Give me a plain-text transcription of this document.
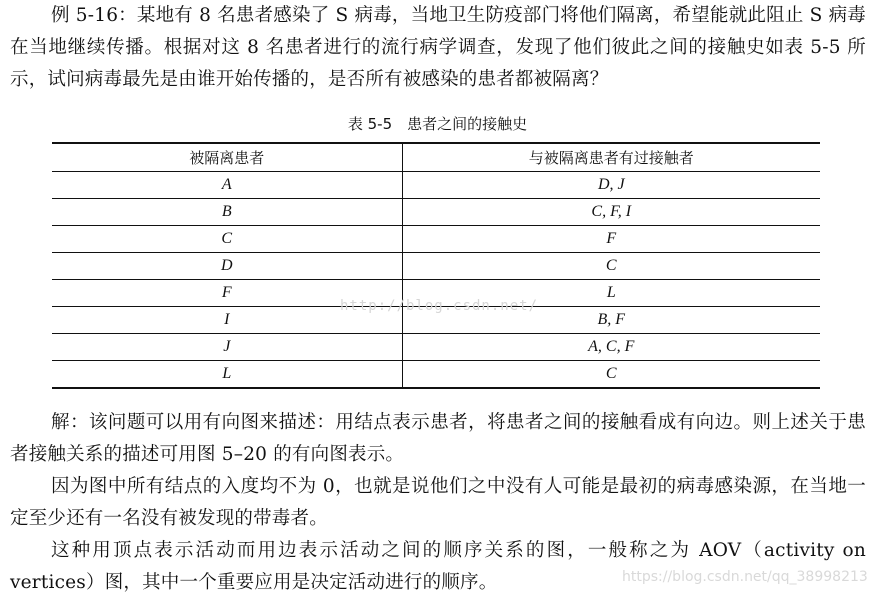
例 5-16：某地有 8 名患者感染了 S 病毒，当地卫生防疫部门将他们隔离，希望能就此阻止 S 病毒在当地继续传播。根据对这 8 名患者进行的流行病学调查，发现了他们彼此之间的接触史如表 5-5 所示，试问病毒最先是由谁开始传播的，是否所有被感染的患者都被隔离？

表 5-5　患者之间的接触史
被隔离患者	与被隔离患者有过接触者
A	D, J
B	C, F, I
C	F
D	C
F	L
I	B, F
J	A, C, F
L	C
http://blog.csdn.net/

解：该问题可以用有向图来描述：用结点表示患者，将患者之间的接触看成有向边。则上述关于患者接触关系的描述可用图 5–20 的有向图表示。

因为图中所有结点的入度均不为 0，也就是说他们之中没有人可能是最初的病毒感染源，在当地一定至少还有一名没有被发现的带毒者。

这种用顶点表示活动而用边表示活动之间的顺序关系的图，一般称之为 AOV（activity on vertices）图，其中一个重要应用是决定活动进行的顺序。	https://blog.csdn.net/qq_38998213
